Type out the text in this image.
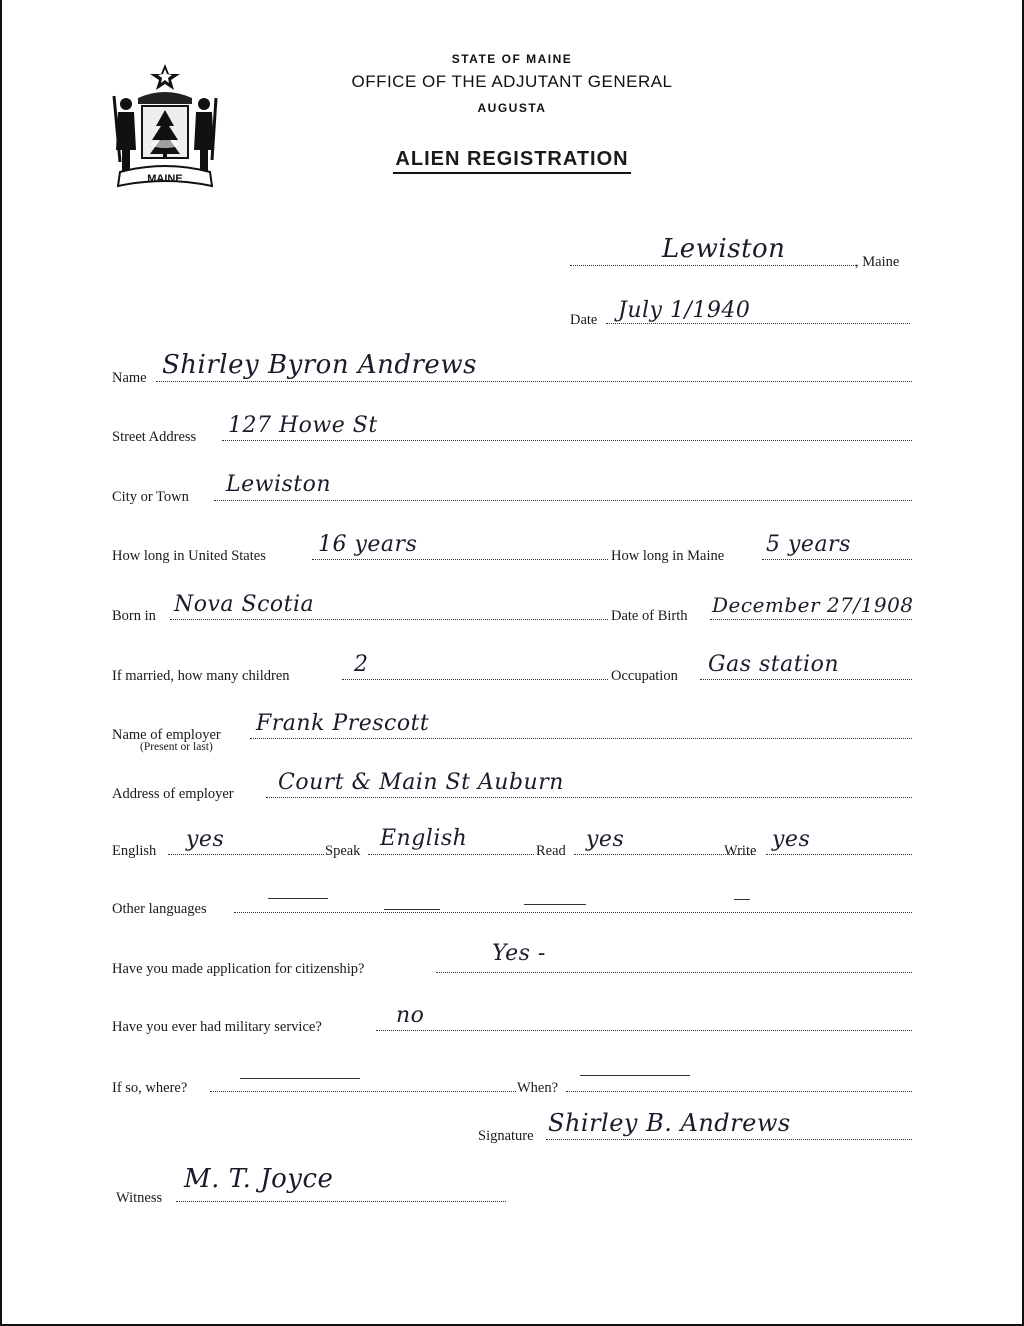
MAINE
STATE OF MAINE
OFFICE OF THE ADJUTANT GENERAL
AUGUSTA
ALIEN REGISTRATION
Lewiston	, Maine
Date July 1/1940
Name Shirley Byron Andrews
Street Address 127 Howe St
City or Town Lewiston
How long in United States 16 years	How long in Maine 5 years
Born in Nova Scotia	Date of Birth December 27/1908
If married, how many children	2	Occupation Gas station
Name of employer
(Present or last)
Frank Prescott
Address of employer Court & Main St Auburn
English yes	Speak English	Read yes	Write yes
Other languages
Have you made application for citizenship?
Yes -
Have you ever had military service?	no
If so, where?	When?
Signature Shirley B. Andrews
Witness
M. T. Joyce
